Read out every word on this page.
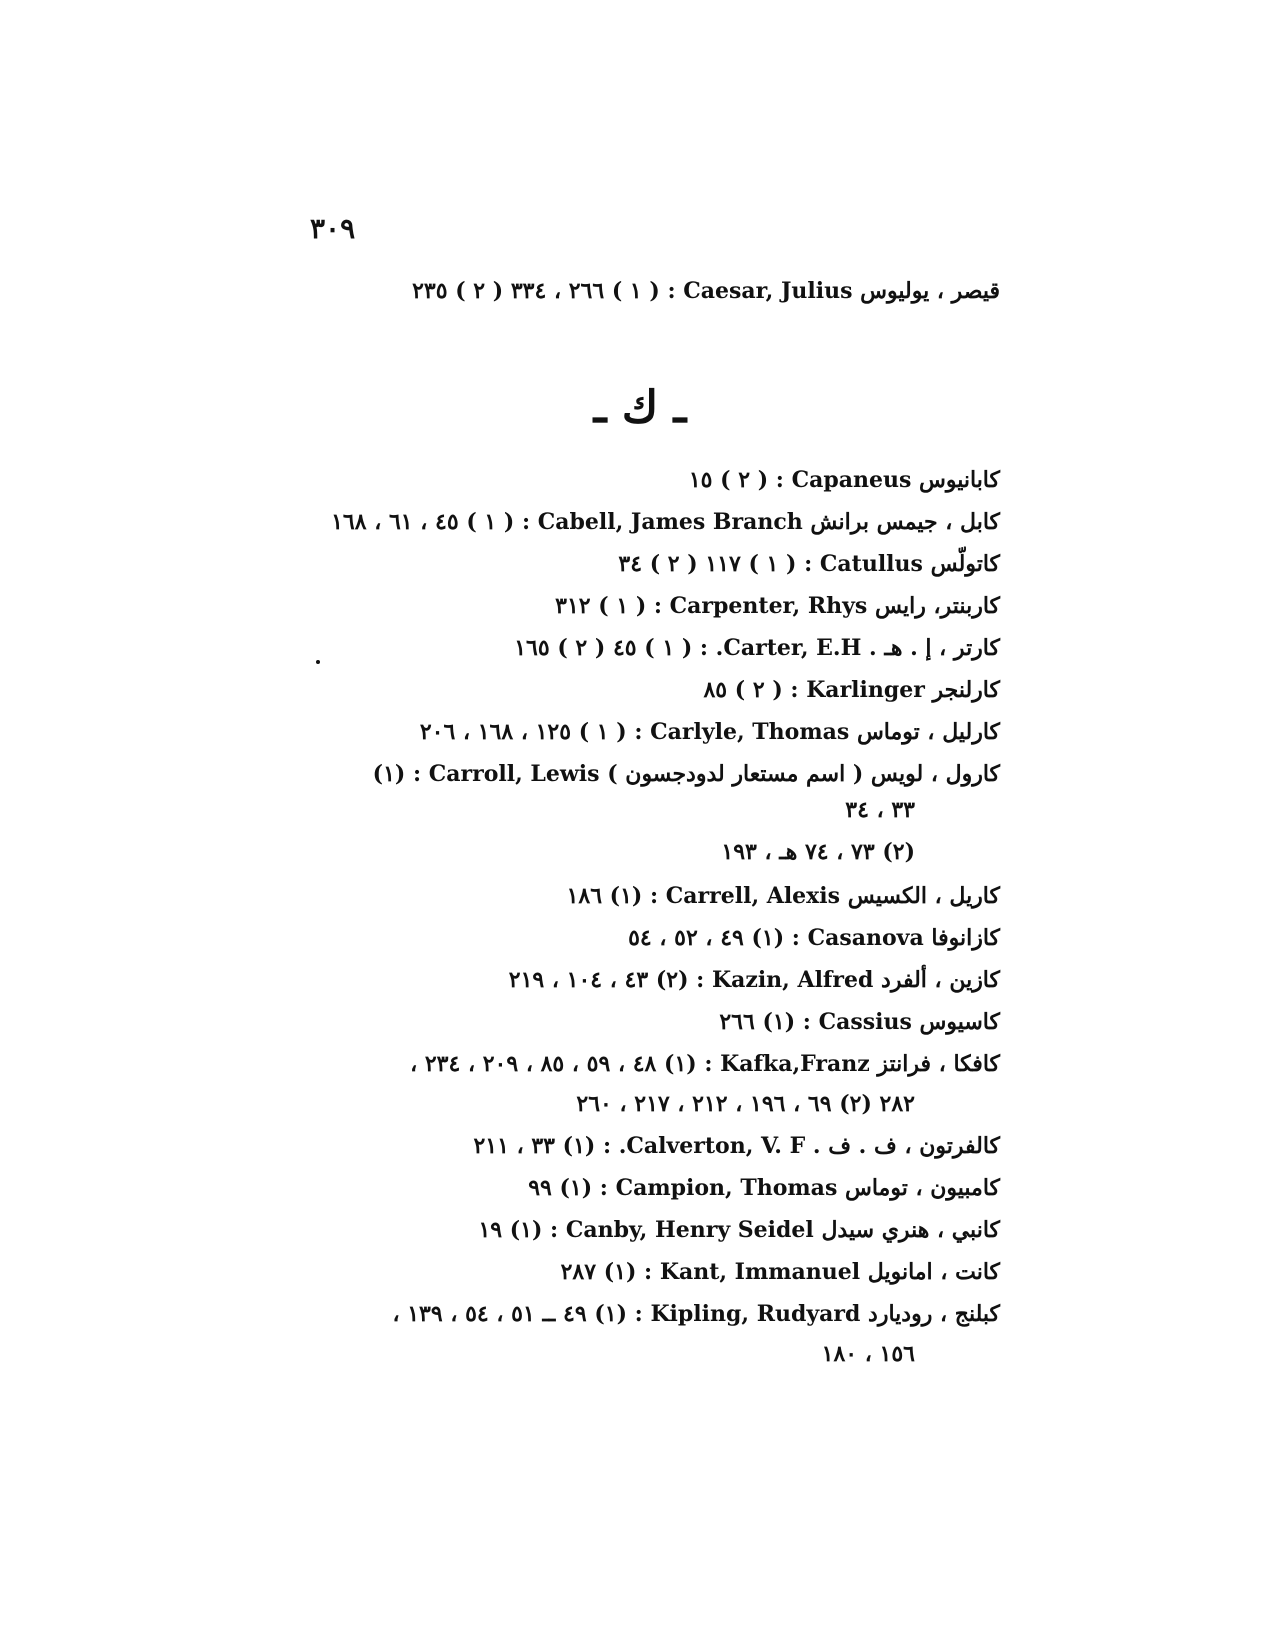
٣٠٩
قيصر ، يوليوس Caesar, Julius : ( ١ ) ٢٦٦ ، ٣٣٤ ( ٢ ) ٢٣٥
ـ ك ـ
كابانيوس Capaneus : ( ٢ ) ١٥
كابل ، جيمس برانش Cabell, James Branch : ( ١ ) ٤٥ ، ٦١ ، ١٦٨
كاتولّس Catullus : ( ١ ) ١١٧ ( ٢ ) ٣٤
كاربنتر، رايس Carpenter, Rhys : ( ١ ) ٣١٢
كارتر ، إ . هـ . Carter, E.H. : ( ١ ) ٤٥ ( ٢ ) ١٦٥
كارلنجر Karlinger : ( ٢ ) ٨٥
كارليل ، توماس Carlyle, Thomas : ( ١ ) ١٢٥ ، ١٦٨ ، ٢٠٦
كارول ، لويس ( اسم مستعار لدودجسون ) Carroll, Lewis : (١)
٣٣ ، ٣٤
(٢) ٧٣ ، ٧٤ هـ ، ١٩٣
كاريل ، الكسيس Carrell, Alexis : (١) ١٨٦
كازانوفا Casanova : (١) ٤٩ ، ٥٢ ، ٥٤
كازين ، ألفرد Kazin, Alfred : (٢) ٤٣ ، ١٠٤ ، ٢١٩
كاسيوس Cassius : (١) ٢٦٦
كافكا ، فرانتز Kafka,Franz : (١) ٤٨ ، ٥٩ ، ٨٥ ، ٢٠٩ ، ٢٣٤ ،
٢٨٢ (٢) ٦٩ ، ١٩٦ ، ٢١٢ ، ٢١٧ ، ٢٦٠
كالفرتون ، ف . ف . Calverton, V. F. : (١) ٣٣ ، ٢١١
كامبيون ، توماس Campion, Thomas : (١) ٩٩
كانبي ، هنري سيدل Canby, Henry Seidel : (١) ١٩
كانت ، امانويل Kant, Immanuel : (١) ٢٨٧
كبلنج ، روديارد Kipling, Rudyard : (١) ٤٩ ــ ٥١ ، ٥٤ ، ١٣٩ ،
١٥٦ ، ١٨٠
